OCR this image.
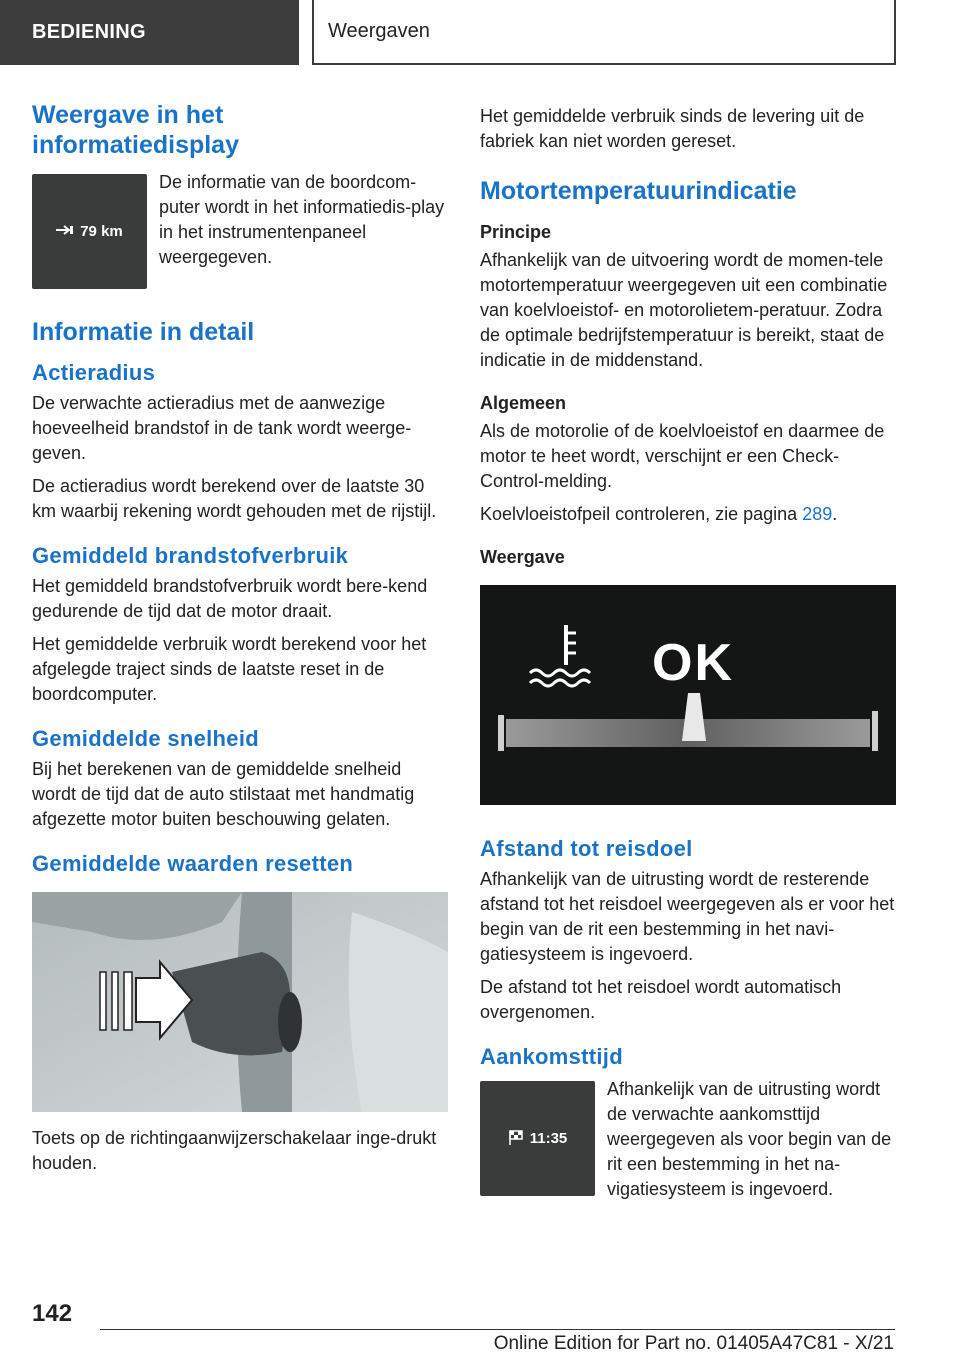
BEDIENING	Weergaven
Weergave in het informatiedisplay
79 km

De informatie van de boordcom-puter wordt in het informatiedis-play in het instrumentenpaneel weergegeven.

Informatie in detail
Actieradius

De verwachte actieradius met de aanwezige hoeveelheid brandstof in de tank wordt weerge-geven.

De actieradius wordt berekend over de laatste 30 km waarbij rekening wordt gehouden met de rijstijl.

Gemiddeld brandstofverbruik

Het gemiddeld brandstofverbruik wordt bere-kend gedurende de tijd dat de motor draait.

Het gemiddelde verbruik wordt berekend voor het afgelegde traject sinds de laatste reset in de boordcomputer.

Gemiddelde snelheid

Bij het berekenen van de gemiddelde snelheid wordt de tijd dat de auto stilstaat met handmatig afgezette motor buiten beschouwing gelaten.

Gemiddelde waarden resetten

Toets op de richtingaanwijzerschakelaar inge-drukt houden.

Het gemiddelde verbruik sinds de levering uit de fabriek kan niet worden gereset.

Motortemperatuurindicatie
Principe

Afhankelijk van de uitvoering wordt de momen-tele motortemperatuur weergegeven uit een combinatie van koelvloeistof- en motorolietem-peratuur. Zodra de optimale bedrijfstemperatuur is bereikt, staat de indicatie in de middenstand.

Algemeen

Als de motorolie of de koelvloeistof en daarmee de motor te heet wordt, verschijnt er een Check-Control-melding.

Koelvloeistofpeil controleren, zie pagina 289.

Weergave
OK
Afstand tot reisdoel

Afhankelijk van de uitrusting wordt de resterende afstand tot het reisdoel weergegeven als er voor het begin van de rit een bestemming in het navi-gatiesysteem is ingevoerd.

De afstand tot het reisdoel wordt automatisch overgenomen.

Aankomsttijd
11:35

Afhankelijk van de uitrusting wordt de verwachte aankomsttijd weergegeven als voor begin van de rit een bestemming in het na-vigatiesysteem is ingevoerd.

142
Online Edition for Part no. 01405A47C81 - X/21
